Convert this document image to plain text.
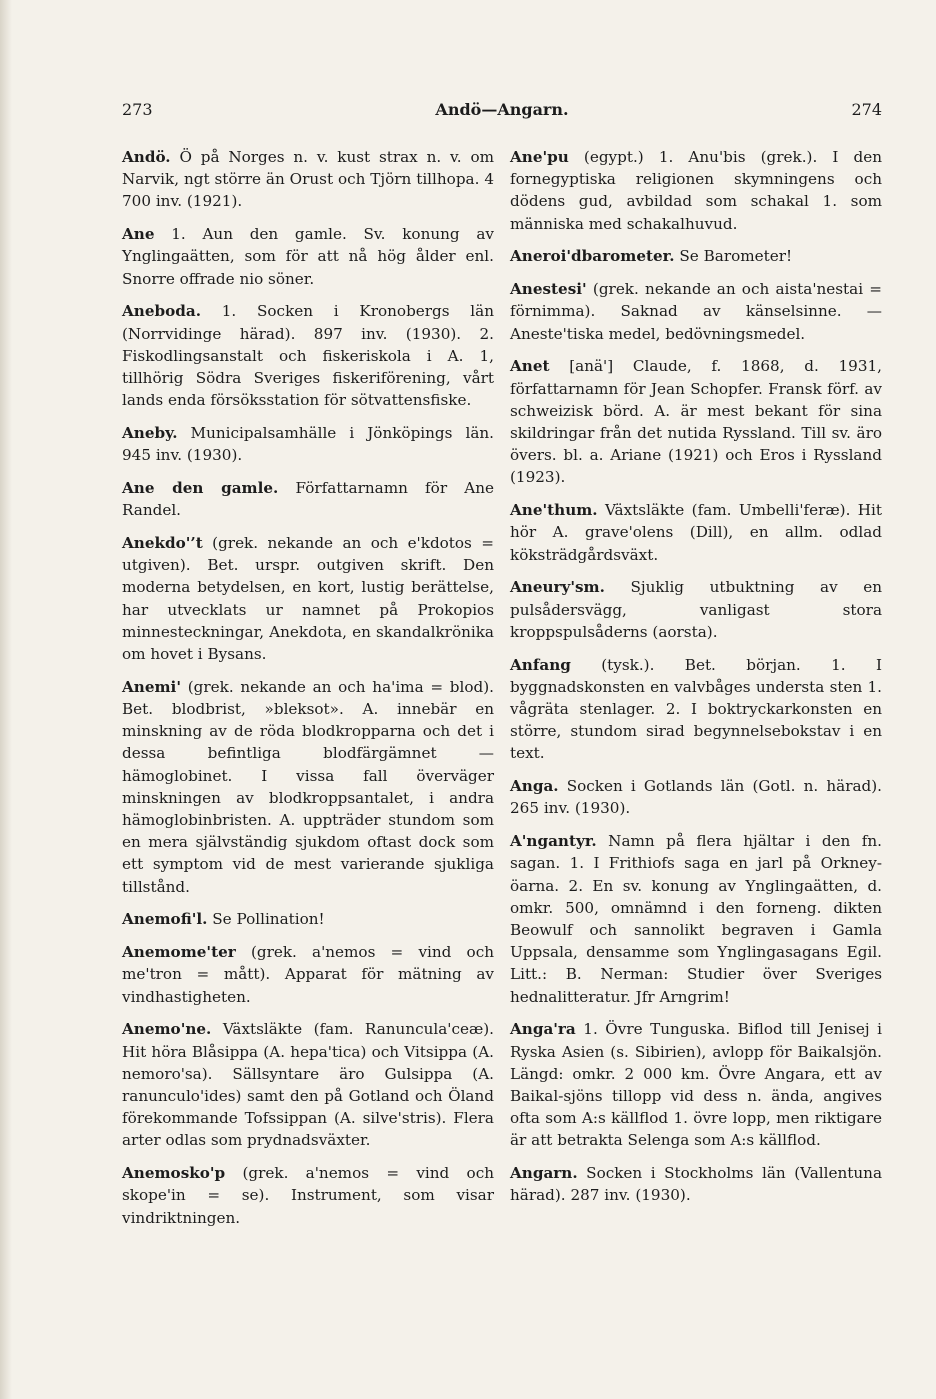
273	Andö—Angarn.	274

Andö. Ö på Norges n. v. kust strax n. v. om Narvik, ngt större än Orust och Tjörn tillhopa. 4 700 inv. (1921).

Ane 1. Aun den gamle. Sv. konung av Ynglingaätten, som för att nå hög ålder enl. Snorre offrade nio söner.

Aneboda. 1. Socken i Kronobergs län (Norrvidinge härad). 897 inv. (1930). 2. Fiskodlingsanstalt och fiskeriskola i A. 1, tillhörig Södra Sveriges fiskeriförening, vårt lands enda försöksstation för sötvattensfiske.

Aneby. Municipalsamhälle i Jönköpings län. 945 inv. (1930).

Ane den gamle. Författarnamn för Ane Randel.

Anekdo'’t (grek. nekande an och e'kdotos = utgiven). Bet. urspr. outgiven skrift. Den moderna betydelsen, en kort, lustig berättelse, har utvecklats ur namnet på Prokopios minnesteckningar, Anekdota, en skandalkrönika om hovet i Bysans.

Anemi' (grek. nekande an och ha'ima = blod). Bet. blodbrist, »bleksot». A. innebär en minskning av de röda blodkropparna och det i dessa befintliga blodfärgämnet — hämoglobinet. I vissa fall överväger minskningen av blodkroppsantalet, i andra hämoglobinbristen. A. uppträder stundom som en mera självständig sjukdom oftast dock som ett symptom vid de mest varierande sjukliga tillstånd.

Anemofi'l. Se Pollination!

Anemome'ter (grek. a'nemos = vind och me'tron = mått). Apparat för mätning av vindhastigheten.

Anemo'ne. Växtsläkte (fam. Ranuncula'ceæ). Hit höra Blåsippa (A. hepa'tica) och Vitsippa (A. nemoro'sa). Sällsyntare äro Gulsippa (A. ranunculo'ides) samt den på Gotland och Öland förekommande Tofssippan (A. silve'stris). Flera arter odlas som prydnadsväxter.

Anemosko'p (grek. a'nemos = vind och skope'in = se). Instrument, som visar vindriktningen.

Ane'pu (egypt.) 1. Anu'bis (grek.). I den fornegyptiska religionen skymningens och dödens gud, avbildad som schakal 1. som människa med schakalhuvud.

Aneroi'dbarometer. Se Barometer!

Anestesi' (grek. nekande an och aista'nestai = förnimma). Saknad av känselsinne. — Aneste'tiska medel, bedövningsmedel.

Anet [anä'] Claude, f. 1868, d. 1931, författarnamn för Jean Schopfer. Fransk förf. av schweizisk börd. A. är mest bekant för sina skildringar från det nutida Ryssland. Till sv. äro övers. bl. a. Ariane (1921) och Eros i Ryssland (1923).

Ane'thum. Växtsläkte (fam. Umbelli'feræ). Hit hör A. grave'olens (Dill), en allm. odlad köksträdgårdsväxt.

Aneury'sm. Sjuklig utbuktning av en pulsådersvägg, vanligast stora kroppspulsåderns (aorsta).

Anfang (tysk.). Bet. början. 1. I byggnadskonsten en valvbåges understa sten 1. vågräta stenlager. 2. I boktryckarkonsten en större, stundom sirad begynnelsebokstav i en text.

Anga. Socken i Gotlands län (Gotl. n. härad). 265 inv. (1930).

A'ngantyr. Namn på flera hjältar i den fn. sagan. 1. I Frithiofs saga en jarl på Orkney-öarna. 2. En sv. konung av Ynglingaätten, d. omkr. 500, omnämnd i den forneng. dikten Beowulf och sannolikt begraven i Gamla Uppsala, densamme som Ynglingasagans Egil. Litt.: B. Nerman: Studier över Sveriges hednalitteratur. Jfr Arngrim!

Anga'ra 1. Övre Tunguska. Biflod till Jenisej i Ryska Asien (s. Sibirien), avlopp för Baikalsjön. Längd: omkr. 2 000 km. Övre Angara, ett av Baikal-sjöns tillopp vid dess n. ända, angives ofta som A:s källflod 1. övre lopp, men riktigare är att betrakta Selenga som A:s källflod.

Angarn. Socken i Stockholms län (Vallentuna härad). 287 inv. (1930).
